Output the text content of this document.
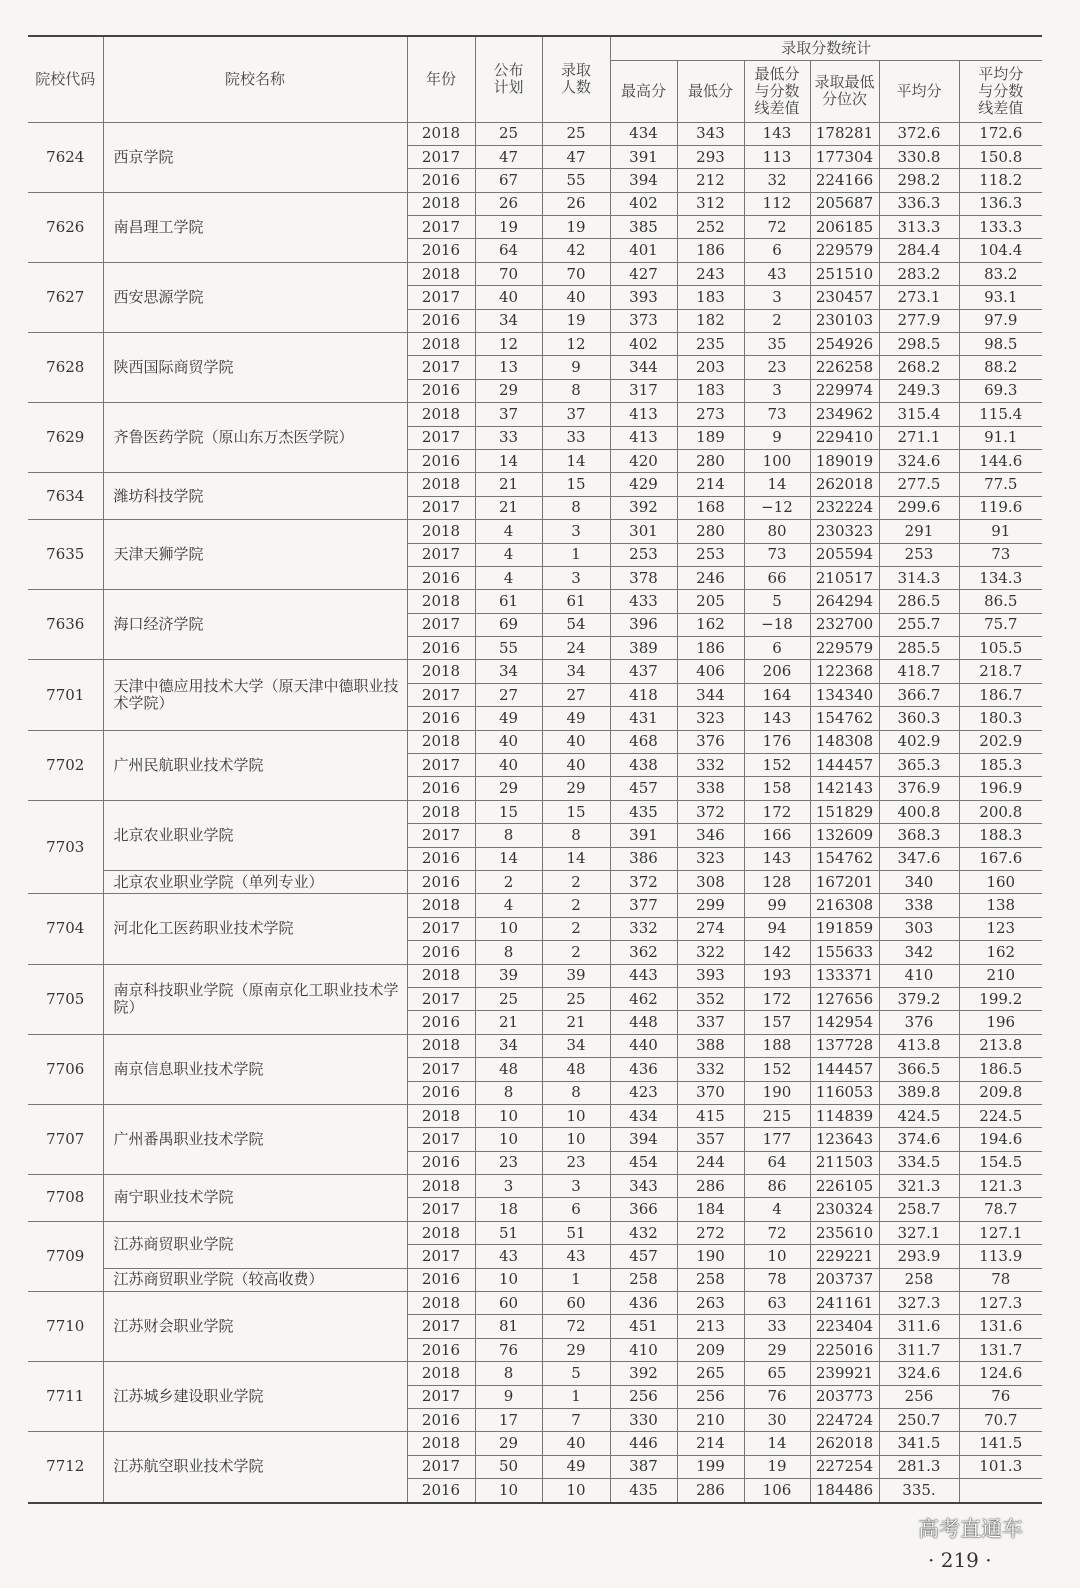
院校代码	院校名称	年份	公布计划	录取人数	录取分数统计					
					最高分	最低分	最低分与分数线差值	录取最低分位次	平均分	平均分与分数线差值
7624	西京学院	2018	25	25	434	343	143	178281	372.6	172.6
		2017	47	47	391	293	113	177304	330.8	150.8
		2016	67	55	394	212	32	224166	298.2	118.2
7626	南昌理工学院	2018	26	26	402	312	112	205687	336.3	136.3
		2017	19	19	385	252	72	206185	313.3	133.3
		2016	64	42	401	186	6	229579	284.4	104.4
7627	西安思源学院	2018	70	70	427	243	43	251510	283.2	83.2
		2017	40	40	393	183	3	230457	273.1	93.1
		2016	34	19	373	182	2	230103	277.9	97.9
7628	陕西国际商贸学院	2018	12	12	402	235	35	254926	298.5	98.5
		2017	13	9	344	203	23	226258	268.2	88.2
		2016	29	8	317	183	3	229974	249.3	69.3
7629	齐鲁医药学院（原山东万杰医学院）	2018	37	37	413	273	73	234962	315.4	115.4
		2017	33	33	413	189	9	229410	271.1	91.1
		2016	14	14	420	280	100	189019	324.6	144.6
7634	潍坊科技学院	2018	21	15	429	214	14	262018	277.5	77.5
		2017	21	8	392	168	−12	232224	299.6	119.6
7635	天津天狮学院	2018	4	3	301	280	80	230323	291	91
		2017	4	1	253	253	73	205594	253	73
		2016	4	3	378	246	66	210517	314.3	134.3
7636	海口经济学院	2018	61	61	433	205	5	264294	286.5	86.5
		2017	69	54	396	162	−18	232700	255.7	75.7
		2016	55	24	389	186	6	229579	285.5	105.5
7701	天津中德应用技术大学（原天津中德职业技术学院）	2018	34	34	437	406	206	122368	418.7	218.7
		2017	27	27	418	344	164	134340	366.7	186.7
		2016	49	49	431	323	143	154762	360.3	180.3
7702	广州民航职业技术学院	2018	40	40	468	376	176	148308	402.9	202.9
		2017	40	40	438	332	152	144457	365.3	185.3
		2016	29	29	457	338	158	142143	376.9	196.9
7703	北京农业职业学院	2018	15	15	435	372	172	151829	400.8	200.8
		2017	8	8	391	346	166	132609	368.3	188.3
		2016	14	14	386	323	143	154762	347.6	167.6
	北京农业职业学院（单列专业）	2016	2	2	372	308	128	167201	340	160
7704	河北化工医药职业技术学院	2018	4	2	377	299	99	216308	338	138
		2017	10	2	332	274	94	191859	303	123
		2016	8	2	362	322	142	155633	342	162
7705	南京科技职业学院（原南京化工职业技术学院）	2018	39	39	443	393	193	133371	410	210
		2017	25	25	462	352	172	127656	379.2	199.2
		2016	21	21	448	337	157	142954	376	196
7706	南京信息职业技术学院	2018	34	34	440	388	188	137728	413.8	213.8
		2017	48	48	436	332	152	144457	366.5	186.5
		2016	8	8	423	370	190	116053	389.8	209.8
7707	广州番禺职业技术学院	2018	10	10	434	415	215	114839	424.5	224.5
		2017	10	10	394	357	177	123643	374.6	194.6
		2016	23	23	454	244	64	211503	334.5	154.5
7708	南宁职业技术学院	2018	3	3	343	286	86	226105	321.3	121.3
		2017	18	6	366	184	4	230324	258.7	78.7
7709	江苏商贸职业学院	2018	51	51	432	272	72	235610	327.1	127.1
		2017	43	43	457	190	10	229221	293.9	113.9
	江苏商贸职业学院（较高收费）	2016	10	1	258	258	78	203737	258	78
7710	江苏财会职业学院	2018	60	60	436	263	63	241161	327.3	127.3
		2017	81	72	451	213	33	223404	311.6	131.6
		2016	76	29	410	209	29	225016	311.7	131.7
7711	江苏城乡建设职业学院	2018	8	5	392	265	65	239921	324.6	124.6
		2017	9	1	256	256	76	203773	256	76
		2016	17	7	330	210	30	224724	250.7	70.7
7712	江苏航空职业技术学院	2018	29	40	446	214	14	262018	341.5	141.5
		2017	50	49	387	199	19	227254	281.3	101.3
		2016	10	10	435	286	106	184486	335.	
高考直通车
· 219 ·
